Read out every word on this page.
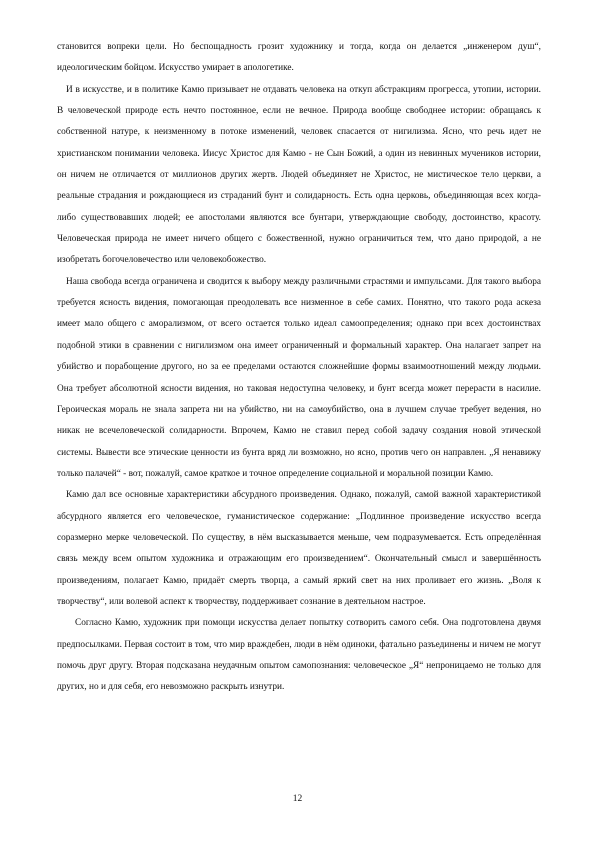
становится вопреки цели. Но беспощадность грозит художнику и тогда, когда он делается „инженером душ“, идеологическим бойцом. Искусство умирает в апологетике.

И в искусстве, и в политике Камю призывает не отдавать человека на откуп абстракциям прогресса, утопии, истории. В человеческой природе есть нечто постоянное, если не вечное. Природа вообще свободнее истории: обращаясь к собственной натуре, к неизменному в потоке изменений, человек спасается от нигилизма. Ясно, что речь идет не христианском понимании человека. Иисус Христос для Камю - не Сын Божий, а один из невинных мучеников истории, он ничем не отличается от миллионов других жертв. Людей объединяет не Христос, не мистическое тело церкви, а реальные страдания и рождающиеся из страданий бунт и солидарность. Есть одна церковь, объединяющая всех когда-либо существовавших людей; ее апостолами являются все бунтари, утверждающие свободу, достоинство, красоту. Человеческая природа не имеет ничего общего с божественной, нужно ограничиться тем, что дано природой, а не изобретать богочеловечество или человекобожество.

Наша свобода всегда ограничена и сводится к выбору между различными страстями и импульсами. Для такого выбора требуется ясность видения, помогающая преодолевать все низменное в себе самих. Понятно, что такого рода аскеза имеет мало общего с аморализмом, от всего остается только идеал самоопределения; однако при всех достоинствах подобной этики в сравнении с нигилизмом она имеет ограниченный и формальный характер. Она налагает запрет на убийство и порабощение другого, но за ее пределами остаются сложнейшие формы взаимоотношений между людьми. Она требует абсолютной ясности видения, но таковая недоступна человеку, и бунт всегда может перерасти в насилие. Героическая мораль не знала запрета ни на убийство, ни на самоубийство, она в лучшем случае требует ведения, но никак не всечеловеческой солидарности. Впрочем, Камю не ставил перед собой задачу создания новой этической системы. Вывести все этические ценности из бунта вряд ли возможно, но ясно, против чего он направлен. „Я ненавижу только палачей“ - вот, пожалуй, самое краткое и точное определение социальной и моральной позиции Камю.

Камю дал все основные характеристики абсурдного произведения. Однако, пожалуй, самой важной характеристикой абсурдного является его человеческое, гуманистическое содержание: „Подлинное произведение искусство всегда соразмерно мерке человеческой. По существу, в нём высказывается меньше, чем подразумевается. Есть определённая связь между всем опытом художника и отражающим его произведением“. Окончательный смысл и завершённость произведениям, полагает Камю, придаёт смерть творца, а самый яркий свет на них проливает его жизнь. „Воля к творчеству“, или волевой аспект к творчеству, поддерживает сознание в деятельном настрое.

Согласно Камю, художник при помощи искусства делает попытку сотворить самого себя. Она подготовлена двумя предпосылками. Первая состоит в том, что мир враждебен, люди в нём одиноки, фатально разъединены и ничем не могут помочь друг другу. Вторая подсказана неудачным опытом самопознания: человеческое „Я“ непроницаемо не только для других, но и для себя, его невозможно раскрыть изнутри.

12
